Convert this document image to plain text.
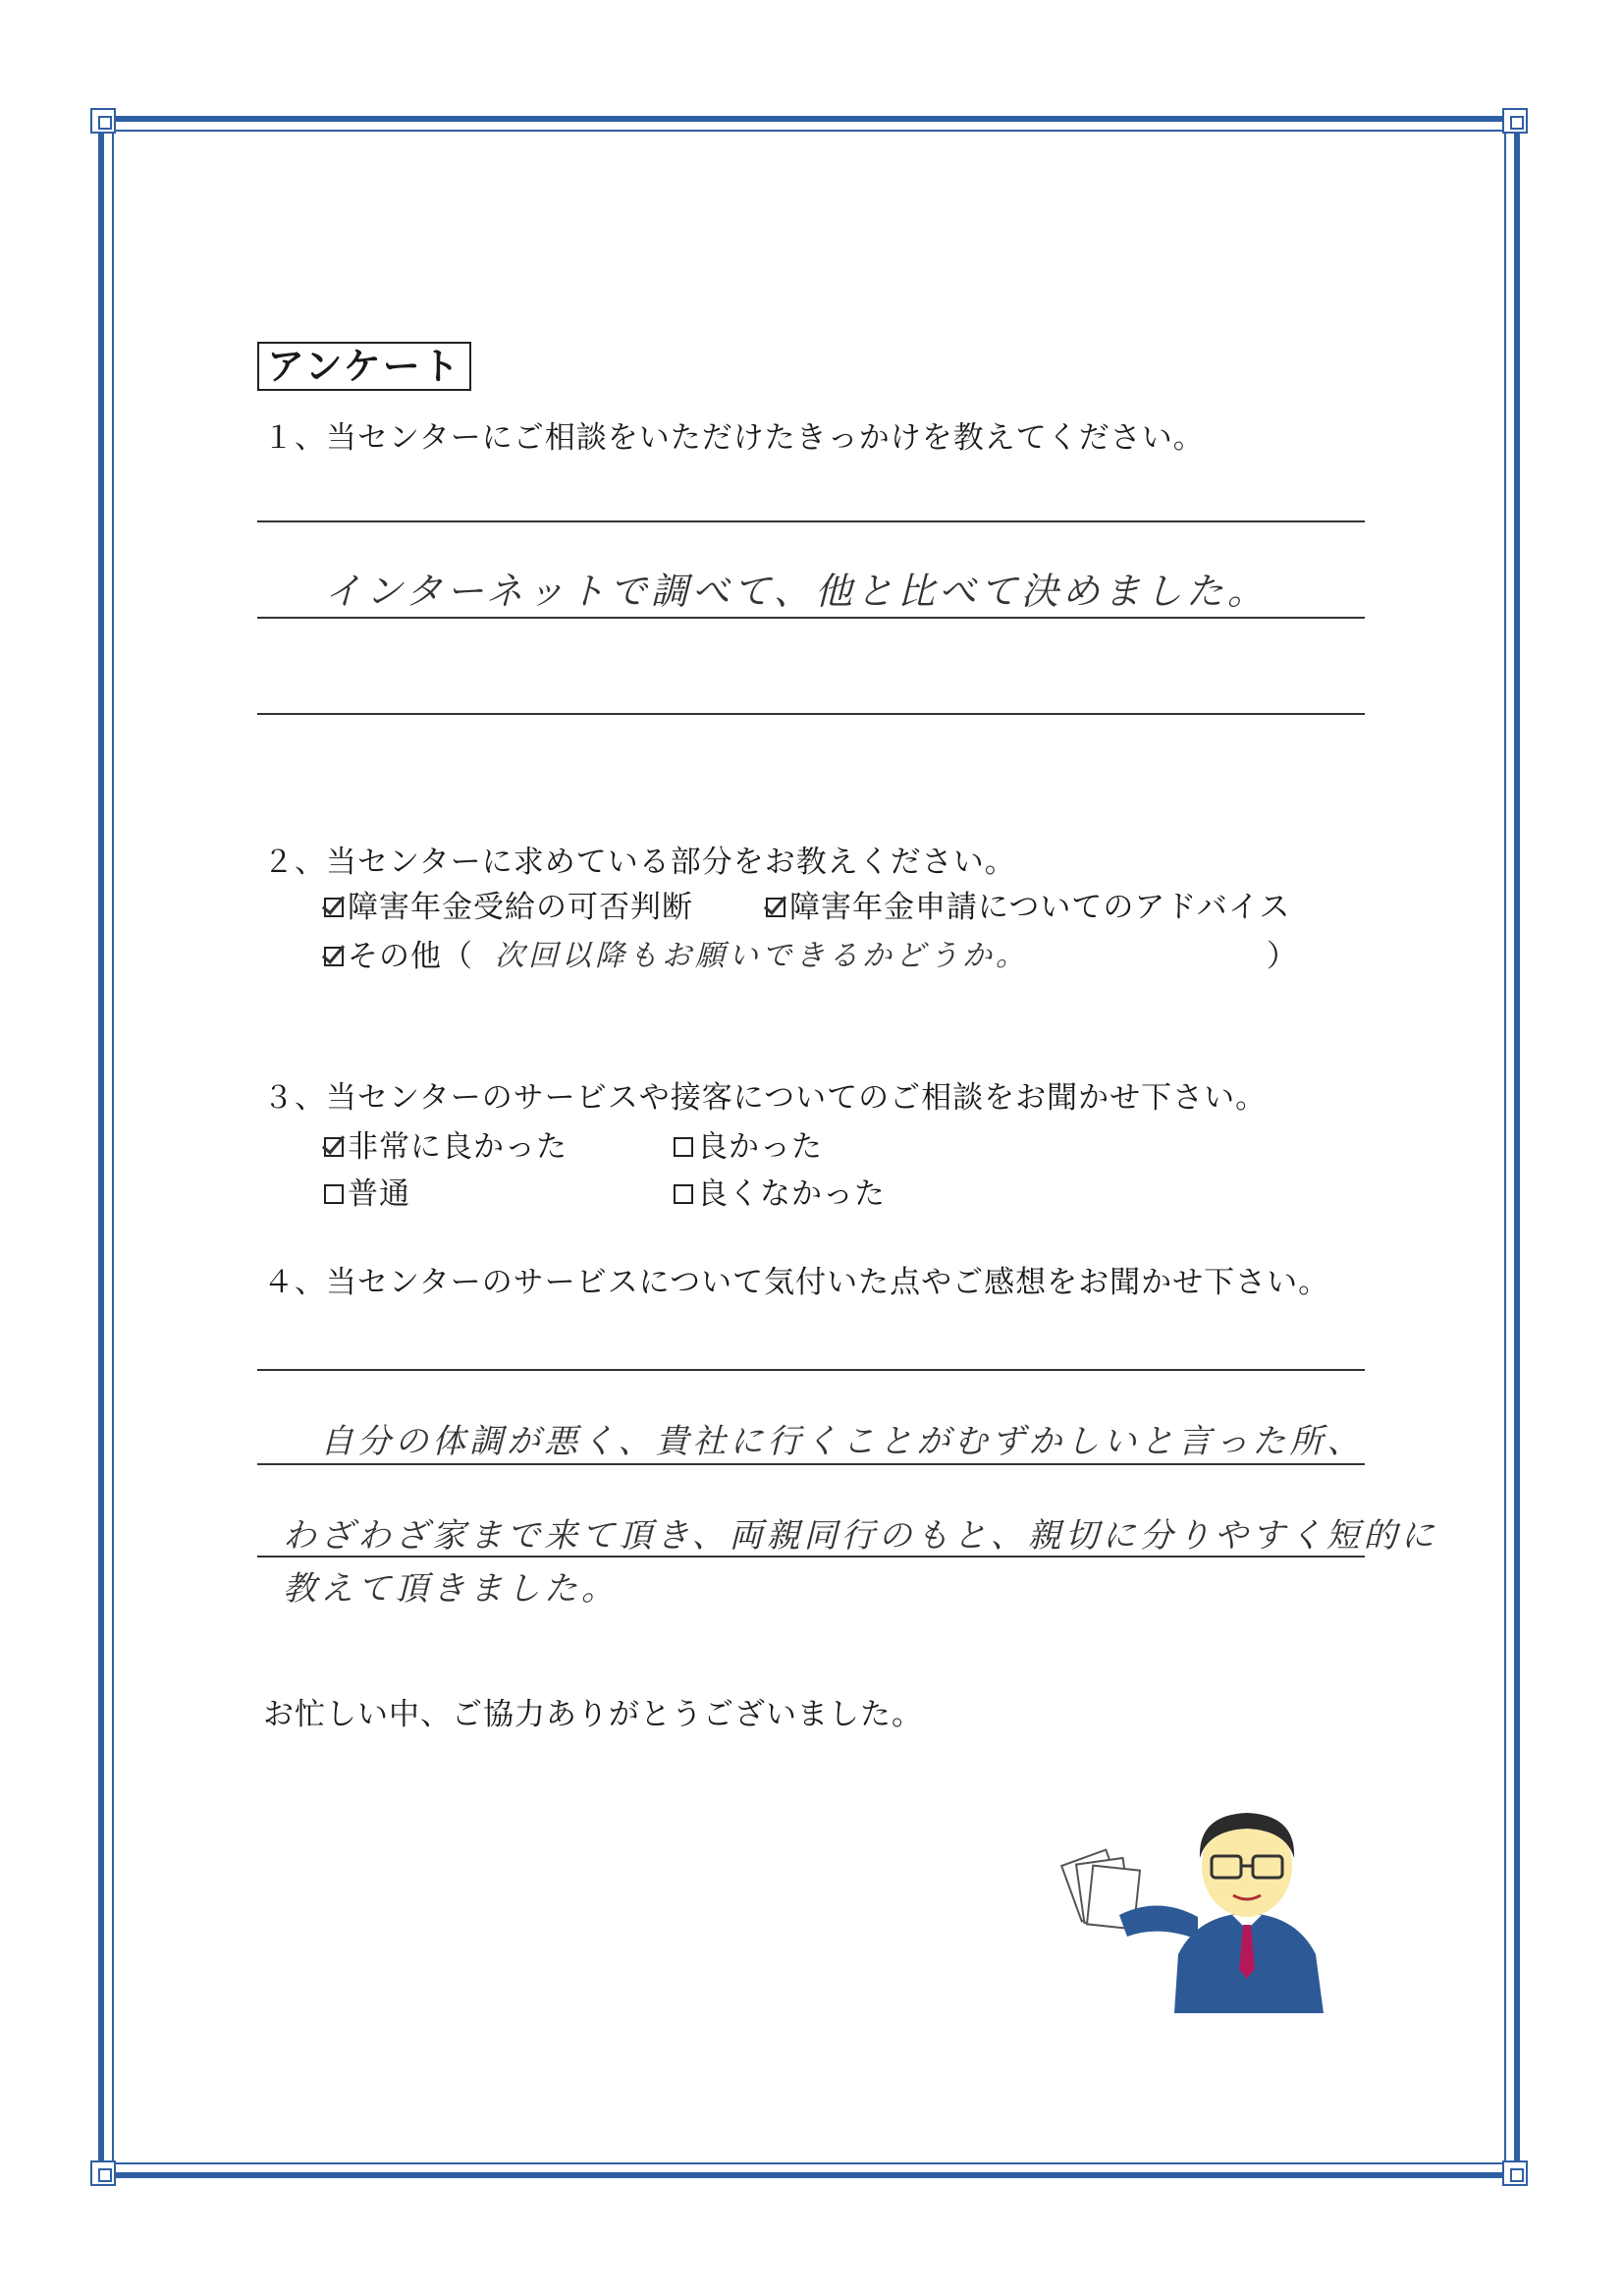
アンケート
１、当センターにご相談をいただけたきっかけを教えてください。
インターネットで調べて、他と比べて決めました。
２、当センターに求めている部分をお教えください。
障害年金受給の可否判断	障害年金申請についてのアドバイス
その他（ 次回以降もお願いできるかどうか。	）
３、当センターのサービスや接客についてのご相談をお聞かせ下さい。
非常に良かった	良かった
普通	良くなかった
４、当センターのサービスについて気付いた点やご感想をお聞かせ下さい。
自分の体調が悪く、貴社に行くことがむずかしいと言った所、
わざわざ家まで来て頂き、両親同行のもと、親切に分りやすく短的に
教えて頂きました。
お忙しい中、ご協力ありがとうございました。
